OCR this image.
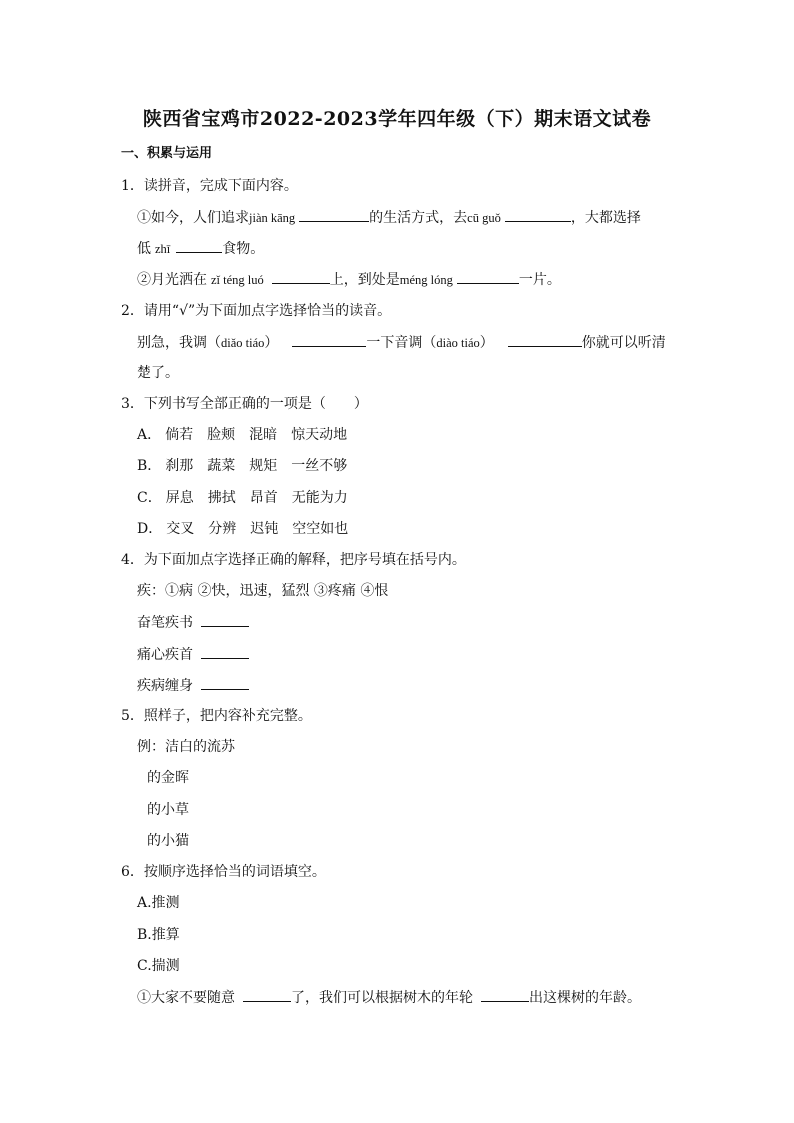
陕西省宝鸡市2022-2023学年四年级（下）期末语文试卷
一、积累与运用
1．读拼音，完成下面内容。
①如今，人们追求jiàn kāng	的生活方式，去cū guǒ	，大都选择
低 zhī	食物。
②月光洒在 zǐ téng luó	上，到处是méng lóng	一片。
2．请用“√”为下面加点字选择恰当的读音。
别急，我调（diǎo tiáo）	一下音调（diào tiáo）	你就可以听清
楚了。
3．下列书写全部正确的一项是（　　）
A． 倘若 脸颊 混暗 惊天动地
B． 刹那 蔬菜 规矩 一丝不够
C． 屏息 拂拭 昂首 无能为力
D． 交叉 分辨 迟钝 空空如也
4．为下面加点字选择正确的解释，把序号填在括号内。
疾：①病 ②快，迅速，猛烈 ③疼痛 ④恨
奋笔疾书
痛心疾首
疾病缠身
5．照样子，把内容补充完整。
例：洁白的流苏
的金晖
的小草
的小猫
6．按顺序选择恰当的词语填空。
A.推测
B.推算
C.揣测
①大家不要随意	了，我们可以根据树木的年轮	出这棵树的年龄。
